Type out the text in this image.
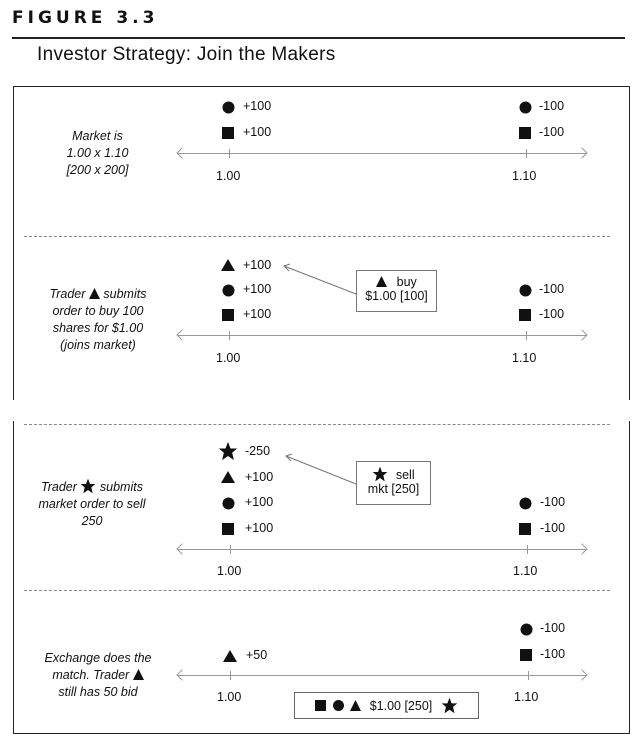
FIGURE 3.3
Investor Strategy: Join the Makers
Market is
1.00 x 1.10
[200 x 200]
+100
+100
-100
-100
1.00	1.10
Trader submits
order to buy 100
shares for $1.00
(joins market)
+100
+100
+100
buy
$1.00 [100]	-100
-100
1.00	1.10
Trader submits
market order to sell
250
-250
+100
+100
+100
sell
mkt [250]
-100
-100
1.00	1.10
Exchange does the
match. Trader
still has 50 bid
+50
-100
-100
1.00	1.10
$1.00 [250]
